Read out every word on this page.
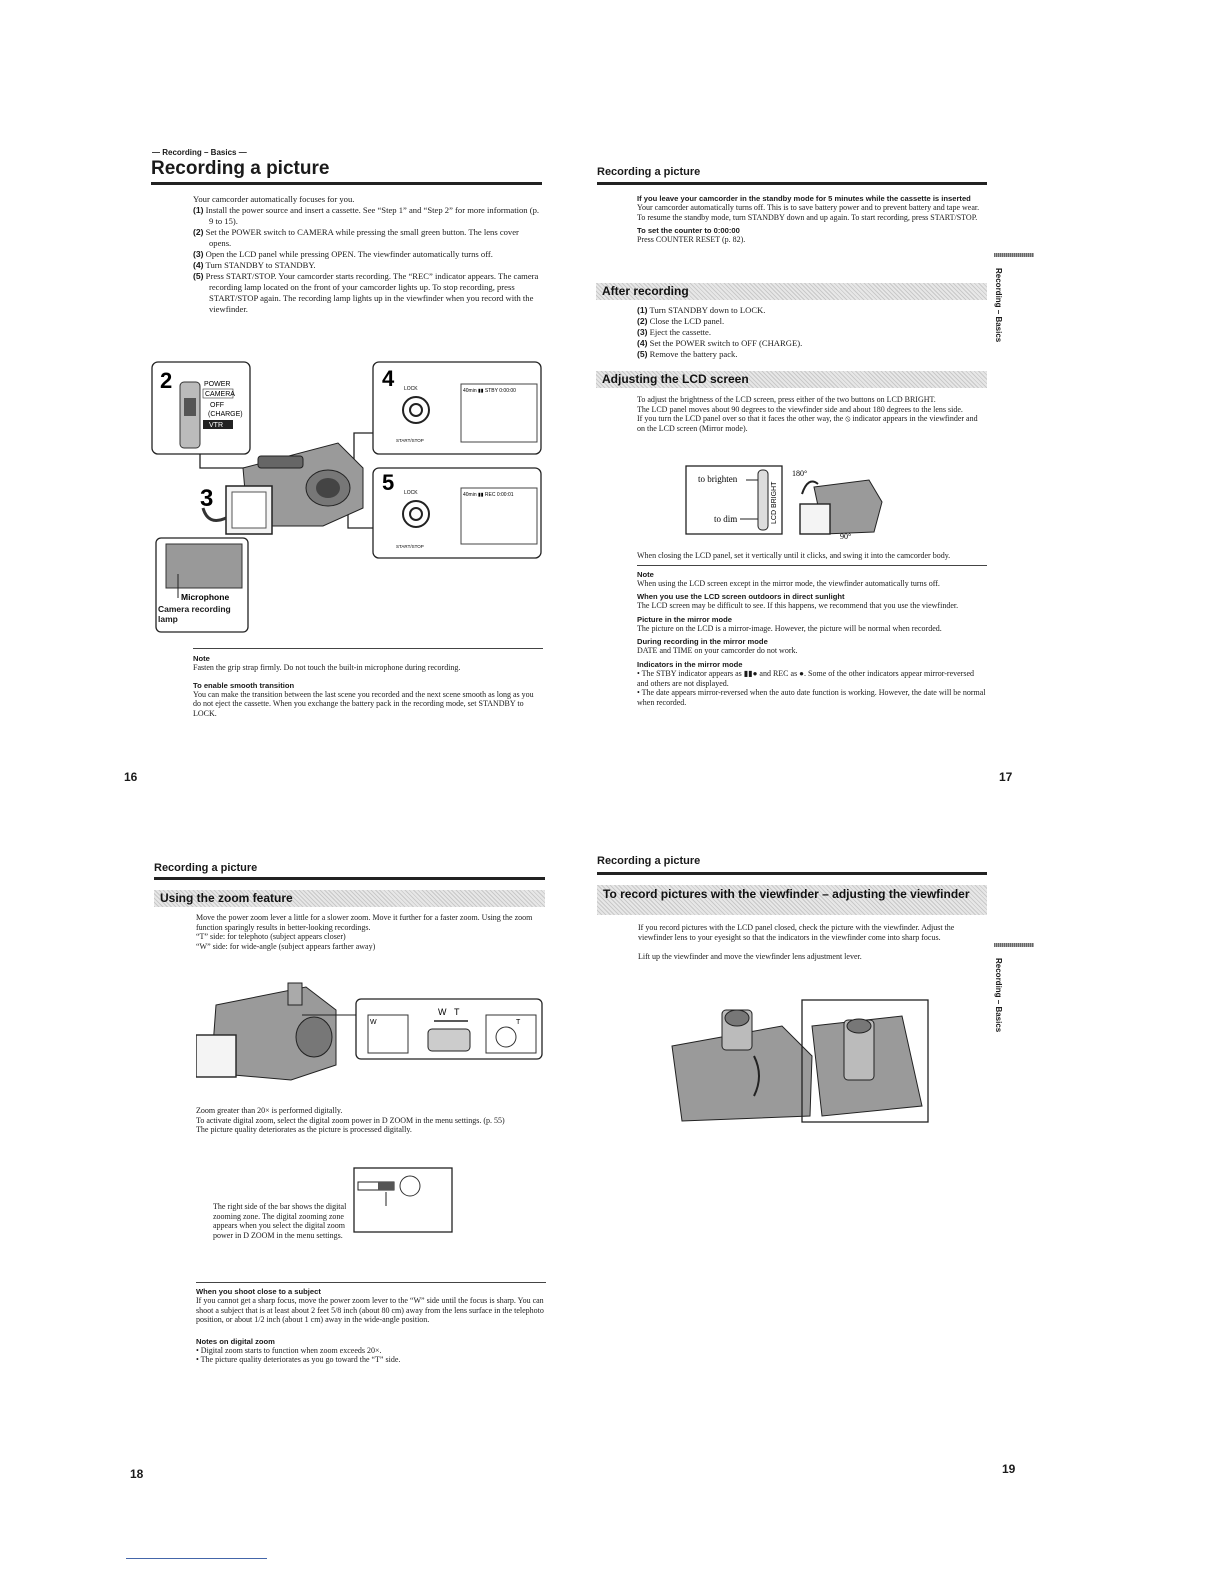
— Recording – Basics —
Recording a picture
Your camcorder automatically focuses for you.
(1) Install the power source and insert a cassette. See “Step 1” and “Step 2” for more information (p. 9 to 15).
(2) Set the POWER switch to CAMERA while pressing the small green button. The lens cover opens.
(3) Open the LCD panel while pressing OPEN. The viewfinder automatically turns off.
(4) Turn STANDBY to STANDBY.
(5) Press START/STOP. Your camcorder starts recording. The “REC” indicator appears. The camera recording lamp located on the front of your camcorder lights up. To stop recording, press START/STOP again. The recording lamp lights up in the viewfinder when you record with the viewfinder.
2	POWER
CAMERA
OFF
(CHARGE)
VTR
3
4 LOCK
START/STOP
40min ▮▮ STBY 0:00:00
5 LOCK
START/STOP
40min ▮▮ REC 0:00:01
Microphone
Camera recording lamp
Note

Fasten the grip strap firmly. Do not touch the built-in microphone during recording.

To enable smooth transition

You can make the transition between the last scene you recorded and the next scene smooth as long as you do not eject the cassette. When you exchange the battery pack in the recording mode, set STANDBY to LOCK.

16
Recording a picture
If you leave your camcorder in the standby mode for 5 minutes while the cassette is inserted

Your camcorder automatically turns off. This is to save battery power and to prevent battery and tape wear. To resume the standby mode, turn STANDBY down and up again. To start recording, press START/STOP.

To set the counter to 0:00:00

Press COUNTER RESET (p. 82).

After recording
(1) Turn STANDBY down to LOCK.
(2) Close the LCD panel.
(3) Eject the cassette.
(4) Set the POWER switch to OFF (CHARGE).
(5) Remove the battery pack.
Adjusting the LCD screen

To adjust the brightness of the LCD screen, press either of the two buttons on LCD BRIGHT.

The LCD panel moves about 90 degrees to the viewfinder side and about 180 degrees to the lens side.

If you turn the LCD panel over so that it faces the other way, the ⦸ indicator appears in the viewfinder and on the LCD screen (Mirror mode).

to brighten
to dim	LCD BRIGHT
180°
90°

When closing the LCD panel, set it vertically until it clicks, and swing it into the camcorder body.

Note

When using the LCD screen except in the mirror mode, the viewfinder automatically turns off.

When you use the LCD screen outdoors in direct sunlight

The LCD screen may be difficult to see. If this happens, we recommend that you use the viewfinder.

Picture in the mirror mode

The picture on the LCD is a mirror-image. However, the picture will be normal when recorded.

During recording in the mirror mode

DATE and TIME on your camcorder do not work.

Indicators in the mirror mode

• The STBY indicator appears as ▮▮● and REC as ●. Some of the other indicators appear mirror-reversed and others are not displayed.

• The date appears mirror-reversed when the auto date function is working. However, the date will be normal when recorded.

Recording – Basics
17
Recording a picture
Using the zoom feature

Move the power zoom lever a little for a slower zoom. Move it further for a faster zoom. Using the zoom function sparingly results in better-looking recordings.

“T” side: for telephoto (subject appears closer)

“W” side: for wide-angle (subject appears farther away)

W	T
W T

Zoom greater than 20× is performed digitally.

To activate digital zoom, select the digital zoom power in D ZOOM in the menu settings. (p. 55)

The picture quality deteriorates as the picture is processed digitally.

The right side of the bar shows the digital zooming zone. The digital zooming zone appears when you select the digital zoom power in D ZOOM in the menu settings.

When you shoot close to a subject

If you cannot get a sharp focus, move the power zoom lever to the “W” side until the focus is sharp. You can shoot a subject that is at least about 2 feet 5/8 inch (about 80 cm) away from the lens surface in the telephoto position, or about 1/2 inch (about 1 cm) away in the wide-angle position.

Notes on digital zoom

• Digital zoom starts to function when zoom exceeds 20×.

• The picture quality deteriorates as you go toward the “T” side.

18
Recording a picture
To record pictures with the viewfinder – adjusting the viewfinder

If you record pictures with the LCD panel closed, check the picture with the viewfinder. Adjust the viewfinder lens to your eyesight so that the indicators in the viewfinder come into sharp focus.

Lift up the viewfinder and move the viewfinder lens adjustment lever.

Recording – Basics
19
